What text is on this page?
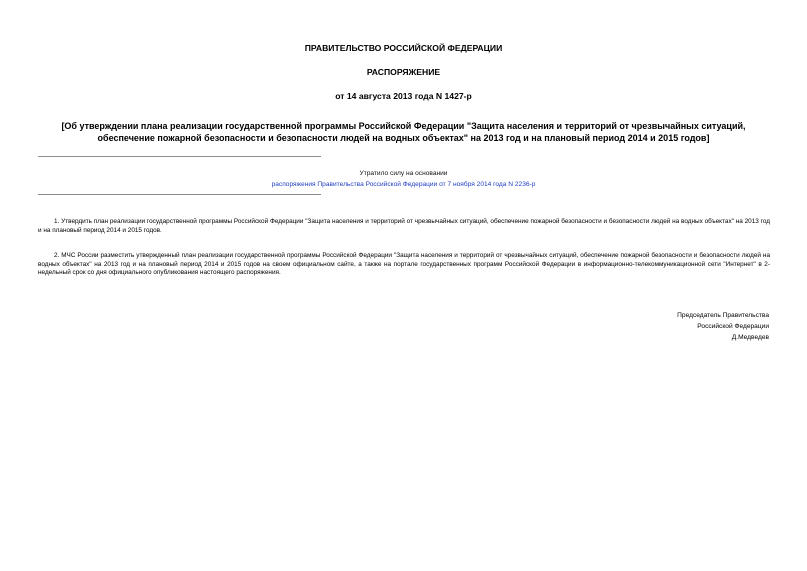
ПРАВИТЕЛЬСТВО РОССИЙСКОЙ ФЕДЕРАЦИИ
РАСПОРЯЖЕНИЕ
от 14 августа 2013 года N 1427-р
[Об утверждении плана реализации государственной программы Российской Федерации "Защита населения и территорий от чрезвычайных ситуаций,
обеспечение пожарной безопасности и безопасности людей на водных объектах" на 2013 год и на плановый период 2014 и 2015 годов]
Утратило силу на основании
распоряжения Правительства Российской Федерации от 7 ноября 2014 года N 2236-р
1. Утвердить план реализации государственной программы Российской Федерации "Защита населения и территорий от чрезвычайных ситуаций, обеспечение пожарной безопасности и безопасности людей на водных объектах" на 2013 год и на плановый период 2014 и 2015 годов.
2. МЧС России разместить утвержденный план реализации государственной программы Российской Федерации "Защита населения и территорий от чрезвычайных ситуаций, обеспечение пожарной безопасности и безопасности людей на водных объектах" на 2013 год и на плановый период 2014 и 2015 годов на своем официальном сайте, а также на портале государственных программ Российской Федерации в информационно-телекоммуникационной сети "Интернет" в 2-недельный срок со дня официального опубликования настоящего распоряжения.
Председатель Правительства
Российской Федерации
Д.Медведев
